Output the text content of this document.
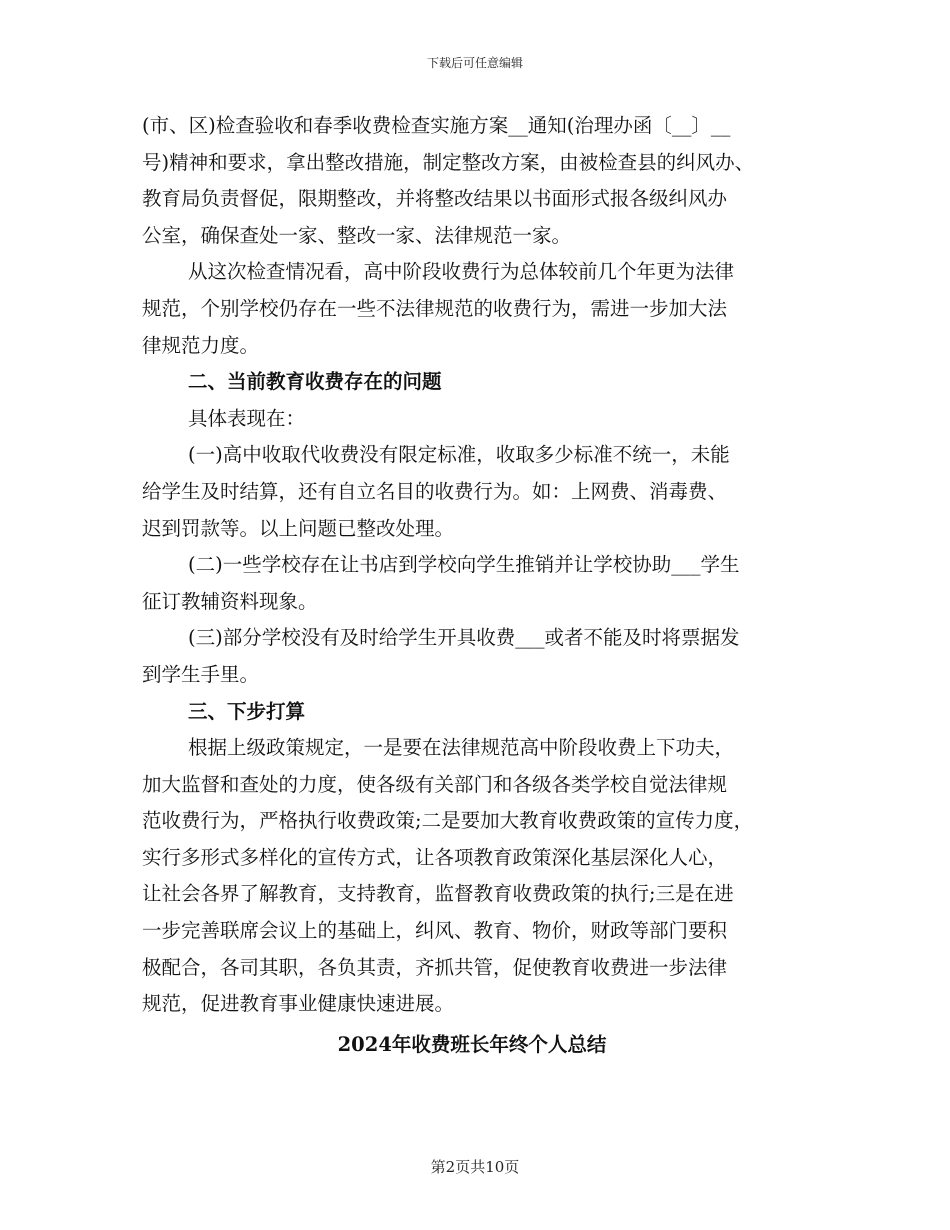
下载后可任意编辑
(市、区)检查验收和春季收费检查实施方案__通知(治理办函〔__〕__
号)精神和要求，拿出整改措施，制定整改方案，由被检查县的纠风办、
教育局负责督促，限期整改，并将整改结果以书面形式报各级纠风办
公室，确保查处一家、整改一家、法律规范一家。
从这次检查情况看，高中阶段收费行为总体较前几个年更为法律
规范，个别学校仍存在一些不法律规范的收费行为，需进一步加大法
律规范力度。
二、当前教育收费存在的问题
具体表现在：
(一)高中收取代收费没有限定标准，收取多少标准不统一，未能
给学生及时结算，还有自立名目的收费行为。如：上网费、消毒费、
迟到罚款等。以上问题已整改处理。
(二)一些学校存在让书店到学校向学生推销并让学校协助___学生
征订教辅资料现象。
(三)部分学校没有及时给学生开具收费___或者不能及时将票据发
到学生手里。
三、下步打算
根据上级政策规定，一是要在法律规范高中阶段收费上下功夫，
加大监督和查处的力度，使各级有关部门和各级各类学校自觉法律规
范收费行为，严格执行收费政策;二是要加大教育收费政策的宣传力度，
实行多形式多样化的宣传方式，让各项教育政策深化基层深化人心，
让社会各界了解教育，支持教育，监督教育收费政策的执行;三是在进
一步完善联席会议上的基础上，纠风、教育、物价，财政等部门要积
极配合，各司其职，各负其责，齐抓共管，促使教育收费进一步法律
规范，促进教育事业健康快速进展。
2024年收费班长年终个人总结
第2页共10页
